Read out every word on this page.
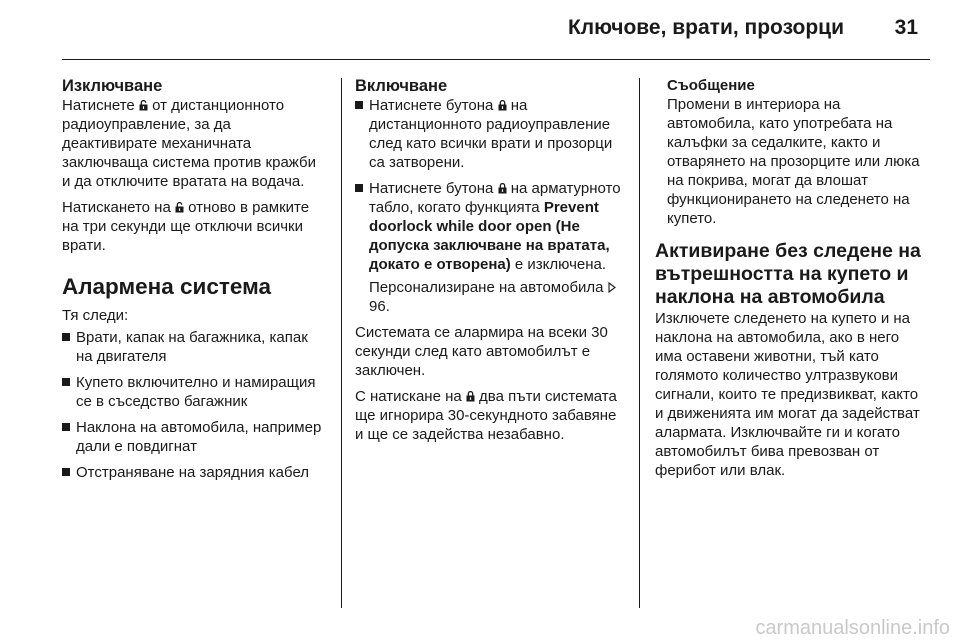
Ключове, врати, прозорци 31
Изключване

Натиснете  от дистанционното радиоуправление, за да деактивирате механичната заключваща система против кражби и да отключите вратата на водача.

Натискането на  отново в рамките на три секунди ще отключи всички врати.

Алармена система

Тя следи:

Врати, капак на багажника, капак на двигателя
Купето включително и намиращия се в съседство багажник
Наклона на автомобила, например дали е повдигнат
Отстраняване на зарядния кабел
Включване
Натиснете бутона  на дистанционното радиоуправление след като всички врати и прозорци са затворени.
Натиснете бутона  на арматурното табло, когато функцията Prevent doorlock while door open (Не допуска заключване на вратата, докато е отворена) е изключена.

Персонализиране на автомобила  96.

Системата се алармира на всеки 30 секунди след като автомобилът е заключен.

С натискане на  два пъти системата ще игнорира 30-секундното забавяне и ще се задейства незабавно.

Съобщение

Промени в интериора на автомобила, като употребата на калъфки за седалките, както и отварянето на прозорците или люка на покрива, могат да влошат функционирането на следенето на купето.

Активиране без следене на вътрешността на купето и наклона на автомобила

Изключете следенето на купето и на наклона на автомобила, ако в него има оставени животни, тъй като голямото количество ултразвукови сигнали, които те предизвикват, както и движенията им могат да задействат алармата. Изключвайте ги и когато автомобилът бива превозван от ферибот или влак.

carmanualsonline.info
